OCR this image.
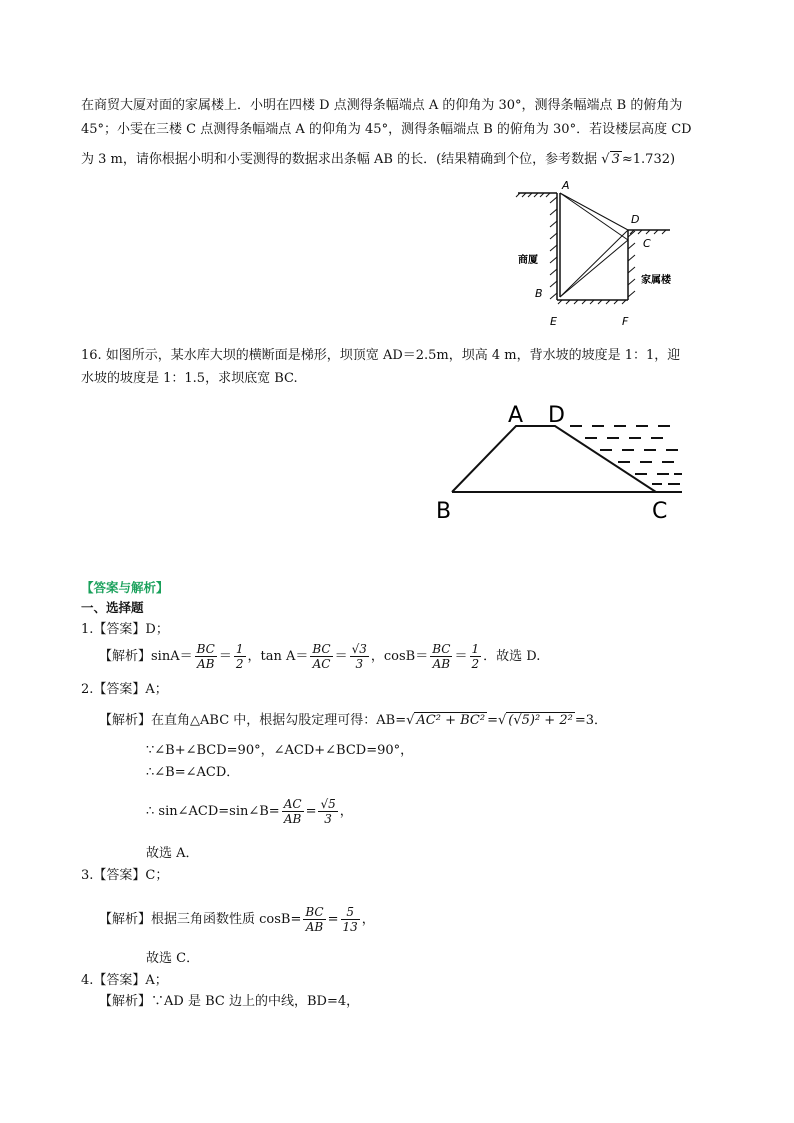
在商贸大厦对面的家属楼上．小明在四楼 D 点测得条幅端点 A 的仰角为 30°，测得条幅端点 B 的俯角为
45°；小雯在三楼 C 点测得条幅端点 A 的仰角为 45°，测得条幅端点 B 的俯角为 30°．若设楼层高度 CD
为 3 m，请你根据小明和小雯测得的数据求出条幅 AB 的长．(结果精确到个位，参考数据 √ 3 ≈1.732)
A
D
C
B
E	F
商厦
家属楼
16. 如图所示，某水库大坝的横断面是梯形，坝顶宽 AD＝2.5m，坝高 4 m，背水坡的坡度是 1：1，迎
水坡的坡度是 1：1.5，求坝底宽 BC.
A D
B	C
【答案与解析】
一、选择题
1.【答案】D；
【解析】$\sin A= \frac{BC}{AB} = \frac{1}{2}$ ，$\tan A= \frac{BC}{AC} = \frac{√3}{3}$ ，$\cos B= \frac{BC}{AB} = \frac{1}{2}$ ．故选 D.
2.【答案】A；
【解析】在直角△ABC 中，根据勾股定理可得：AB=√ AC² + BC² =√ (√5)² + 2² =3．
∵∠B+∠BCD=90°，∠ACD+∠BCD=90°，
∴∠B=∠ACD．
∴ sin∠ACD=sin∠B= $\frac{AC}{AB} = \frac{√5}{3}$ ，
故选 A．
3.【答案】C；
【解析】根据三角函数性质 $\cos B= \frac{BC}{AB} = \frac{5}{13}$ ，
故选 C．
4.【答案】A；
【解析】∵AD 是 BC 边上的中线，BD=4，
